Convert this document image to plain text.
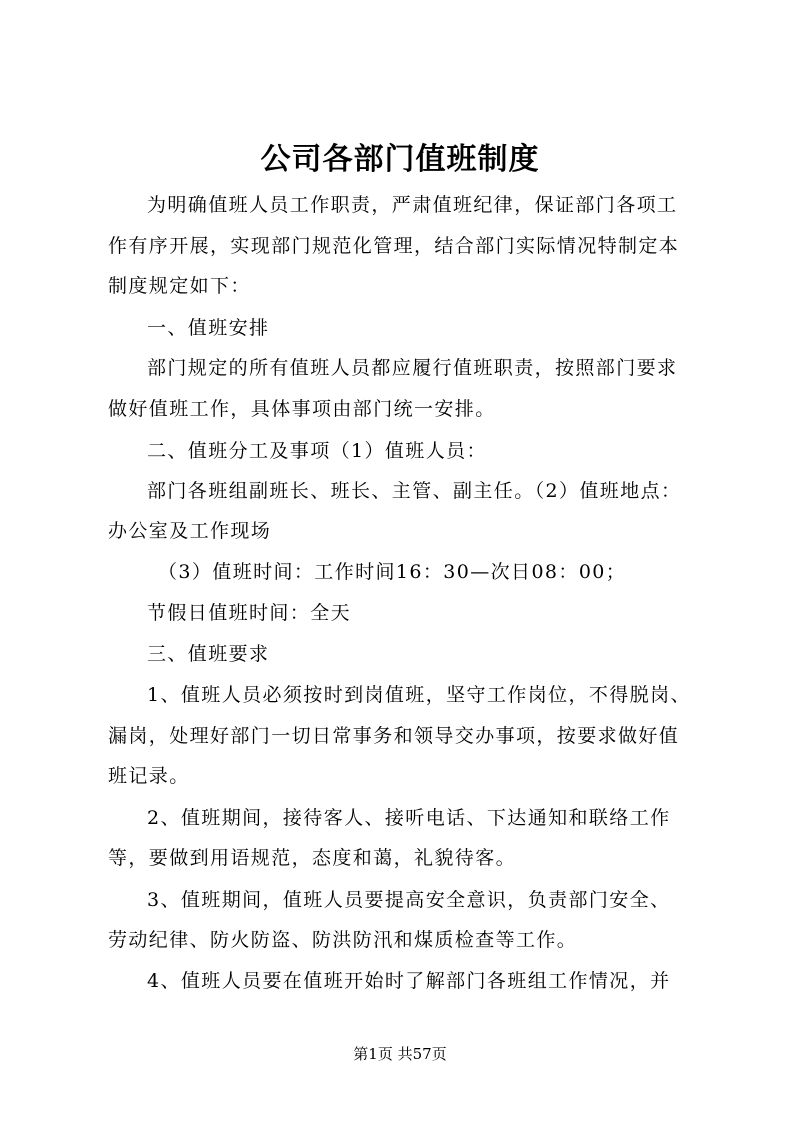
公司各部门值班制度
为明确值班人员工作职责，严肃值班纪律，保证部门各项工
作有序开展，实现部门规范化管理，结合部门实际情况特制定本
制度规定如下：
一、值班安排
部门规定的所有值班人员都应履行值班职责，按照部门要求
做好值班工作，具体事项由部门统一安排。
二、值班分工及事项（1）值班人员：
部门各班组副班长、班长、主管、副主任。（2）值班地点：
办公室及工作现场
（3）值班时间：工作时间16：30—次日08：00；
节假日值班时间：全天
三、值班要求
1、值班人员必须按时到岗值班，坚守工作岗位，不得脱岗、
漏岗，处理好部门一切日常事务和领导交办事项，按要求做好值
班记录。
2、值班期间，接待客人、接听电话、下达通知和联络工作
等，要做到用语规范，态度和蔼，礼貌待客。
3、值班期间，值班人员要提高安全意识，负责部门安全、
劳动纪律、防火防盗、防洪防汛和煤质检查等工作。
4、值班人员要在值班开始时了解部门各班组工作情况，并
第1页 共57页
